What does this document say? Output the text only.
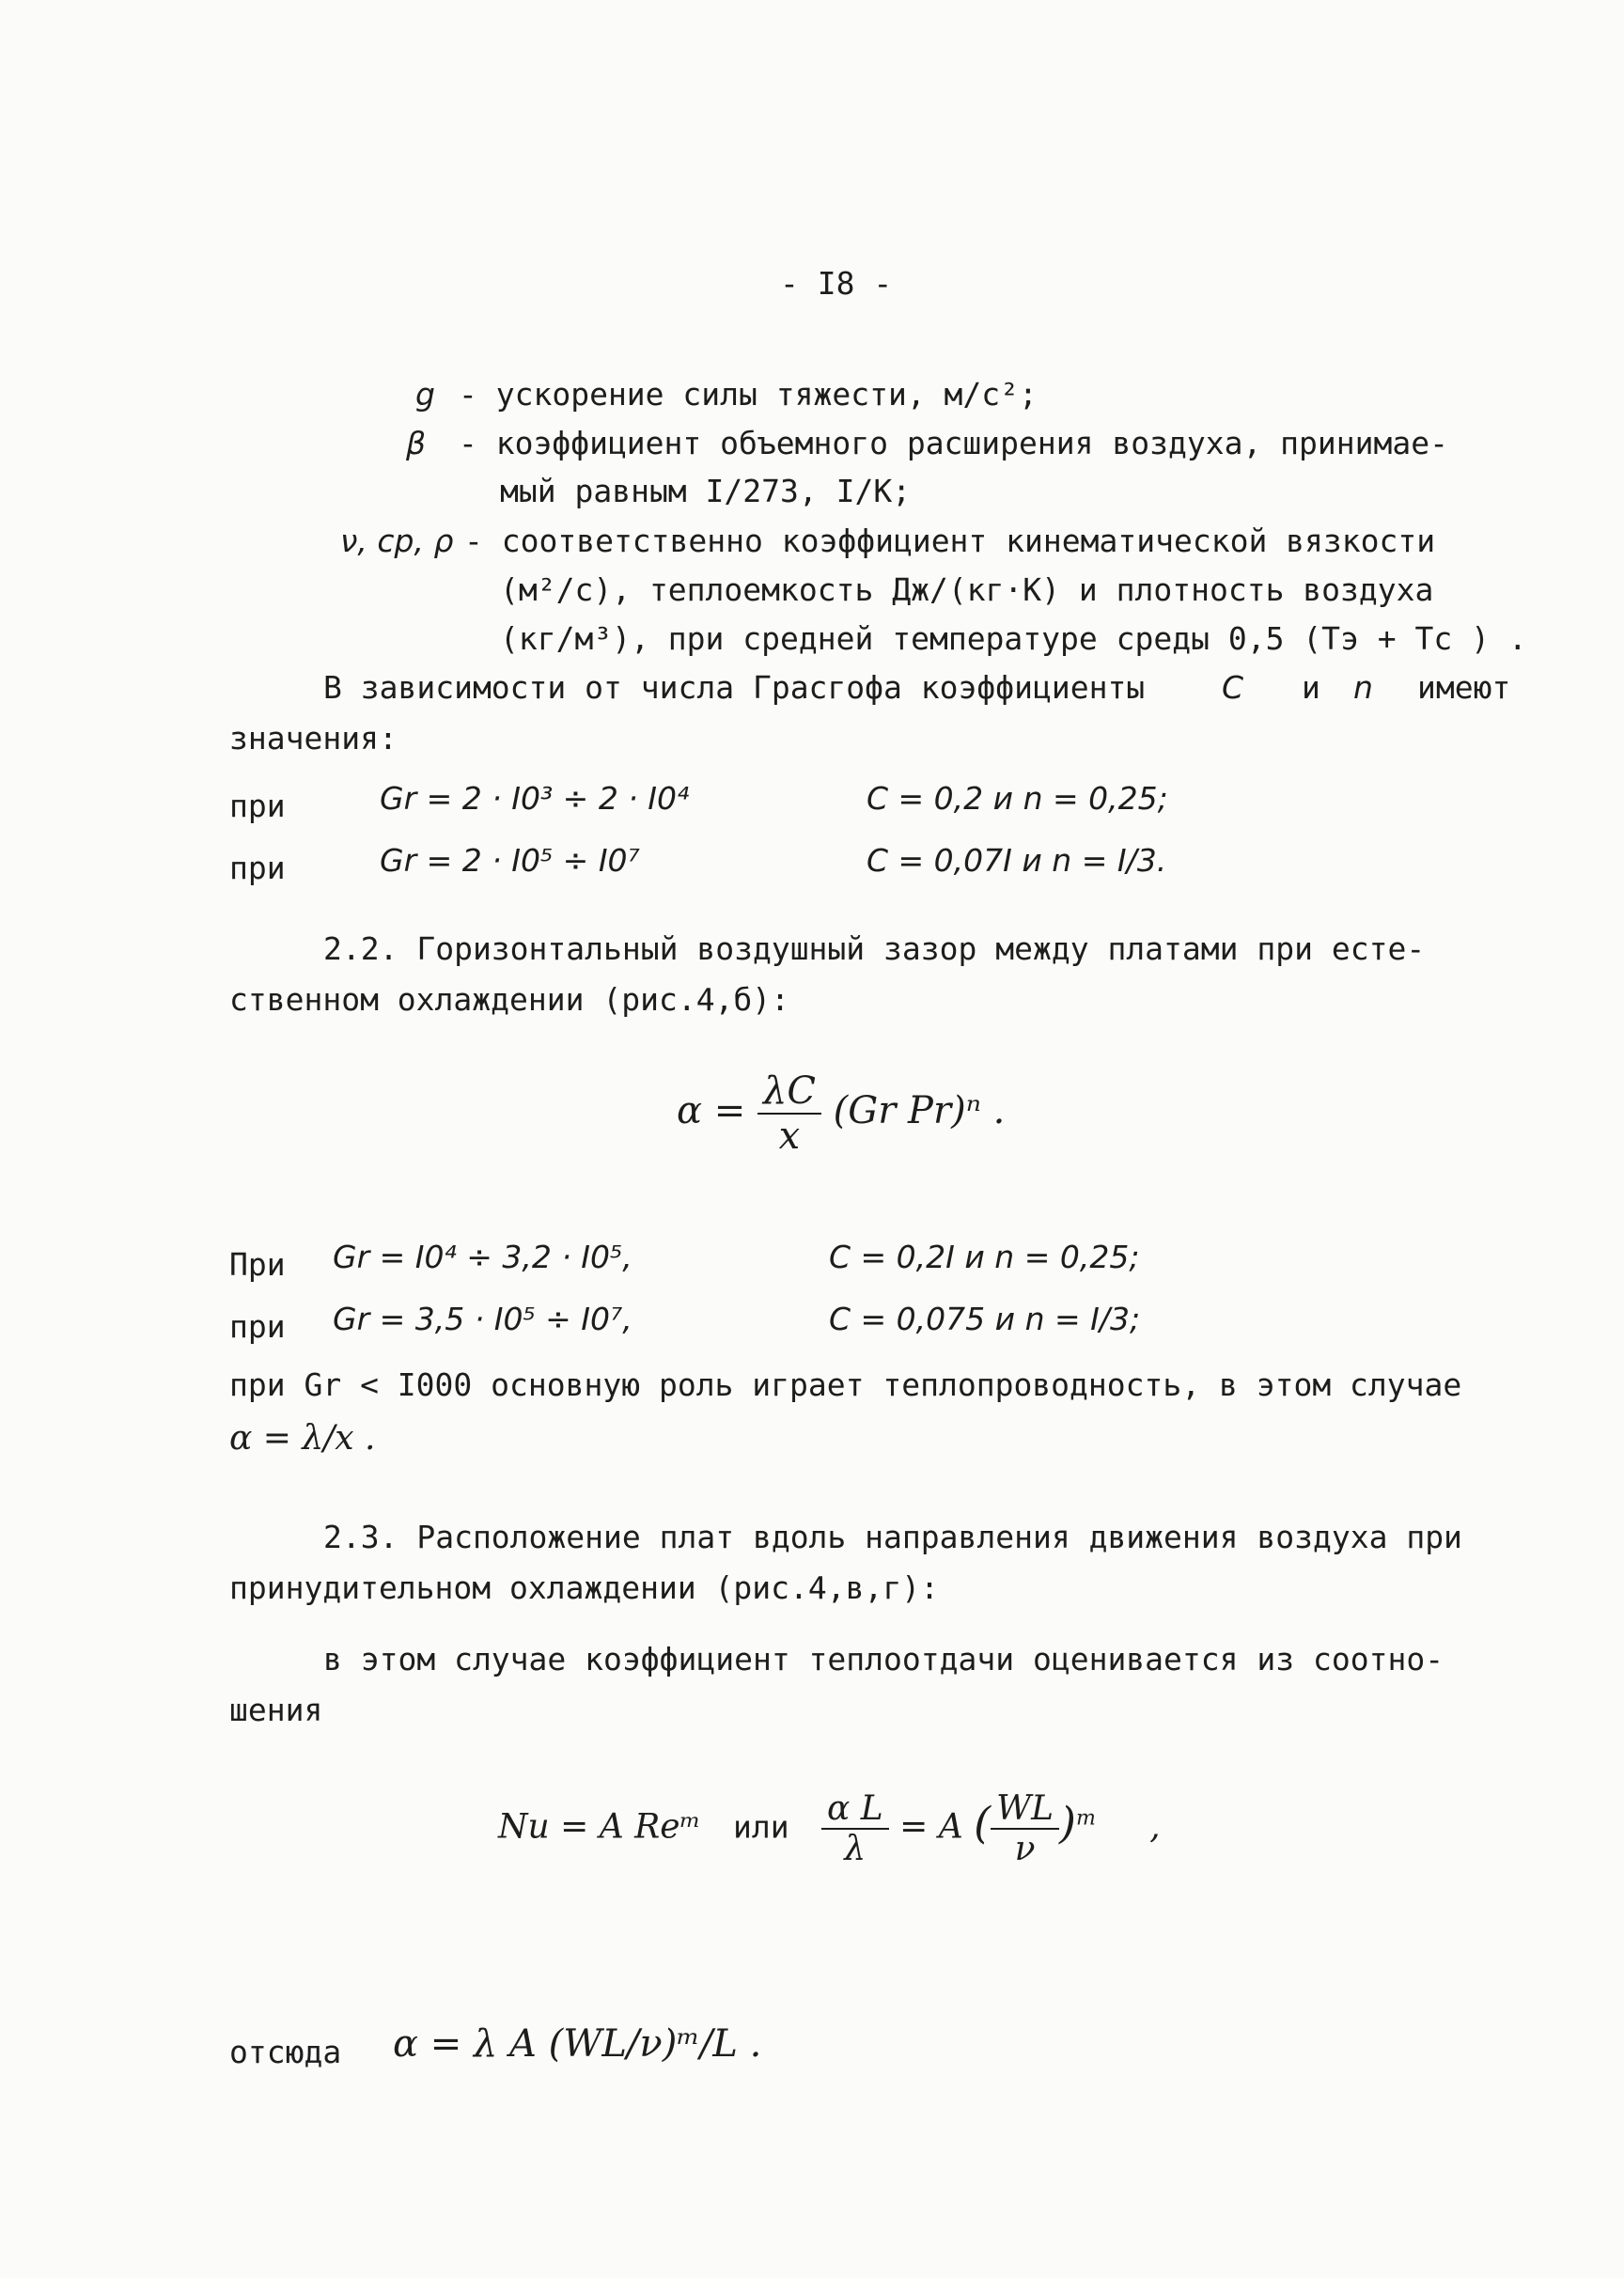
- I8 -
g - ускорение силы тяжести, м/с²;
β - коэффициент объемного расширения воздуха, принимае-
мый равным I/273, I/K;
ν, cp, ρ - соответственно коэффициент кинематической вязкости
(м²/с), теплоемкость Дж/(кг·К) и плотность воздуха
(кг/м³), при средней температуре среды 0,5 (Tэ + Tс ) .
В зависимости от числа Грасгофа коэффициенты C и n имеют
значения:
при	Gr = 2 · I0³ ÷ 2 · I0⁴	C = 0,2 и n = 0,25;
при	Gr = 2 · I0⁵ ÷ I0⁷	C = 0,07I и n = I/3.
2.2. Горизонтальный воздушный зазор между платами при есте-
ственном охлаждении (рис.4,б):
$\alpha = \frac{\lambda C}{x} (Gr$ Pr)ⁿ .
При Gr = I0⁴ ÷ 3,2 · I0⁵,	C = 0,2I и n = 0,25;
при Gr = 3,5 · I0⁵ ÷ I0⁷,	C = 0,075 и n = I/3;
при Gr < I000 основную роль играет теплопроводность, в этом случае
α = λ/x .
2.3. Расположение плат вдоль направления движения воздуха при
принудительном охлаждении (рис.4,в,г):
в этом случае коэффициент теплоотдачи оценивается из соотно-
шения
Nu = A Reᵐ или $\frac{\text{α L}}{\lambda} = A$ ( $\frac{WL}{\nu} )^m$ ,
отсюда α = λ A (WL/ν)ᵐ/L .
